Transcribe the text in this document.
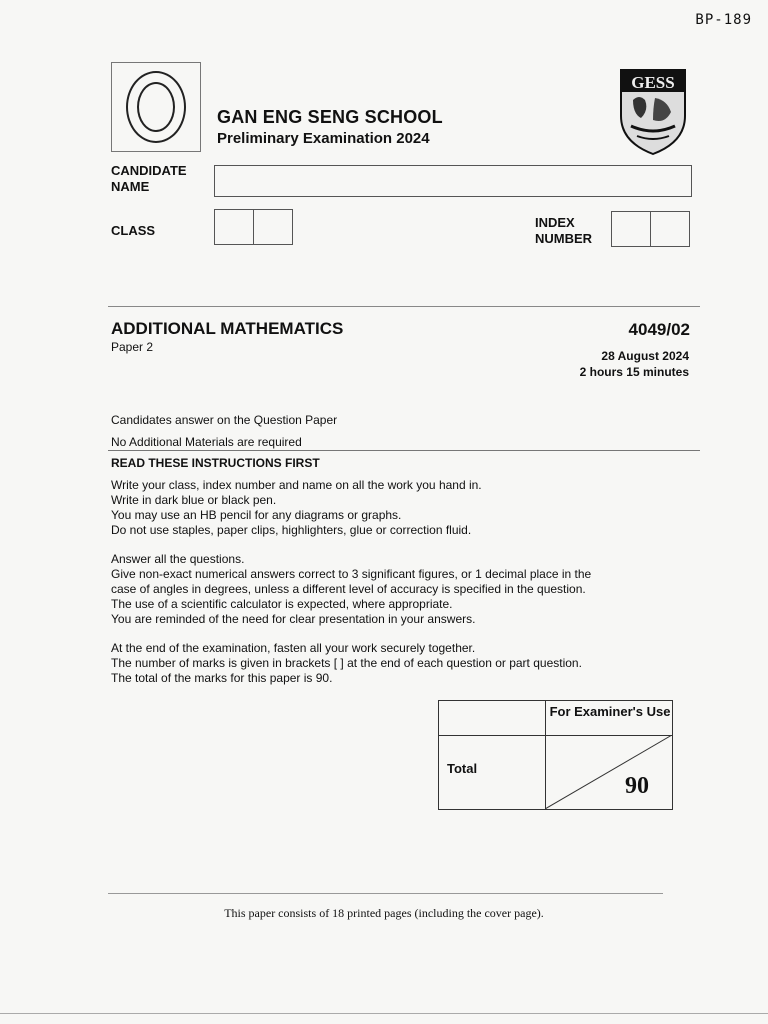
BP-189
GAN ENG SENG SCHOOL
Preliminary Examination 2024
GESS
CANDIDATE NAME
CLASS
INDEX NUMBER
ADDITIONAL MATHEMATICS
Paper 2
4049/02
28 August 2024
2 hours 15 minutes
Candidates answer on the Question Paper
No Additional Materials are required
READ THESE INSTRUCTIONS FIRST
Write your class, index number and name on all the work you hand in.
Write in dark blue or black pen.
You may use an HB pencil for any diagrams or graphs.
Do not use staples, paper clips, highlighters, glue or correction fluid.
Answer all the questions.
Give non-exact numerical answers correct to 3 significant figures, or 1 decimal place in the
case of angles in degrees, unless a different level of accuracy is specified in the question.
The use of a scientific calculator is expected, where appropriate.
You are reminded of the need for clear presentation in your answers.
At the end of the examination, fasten all your work securely together.
The number of marks is given in brackets [ ] at the end of each question or part question.
The total of the marks for this paper is 90.
For Examiner's Use
Total
90
This paper consists of 18 printed pages (including the cover page).
